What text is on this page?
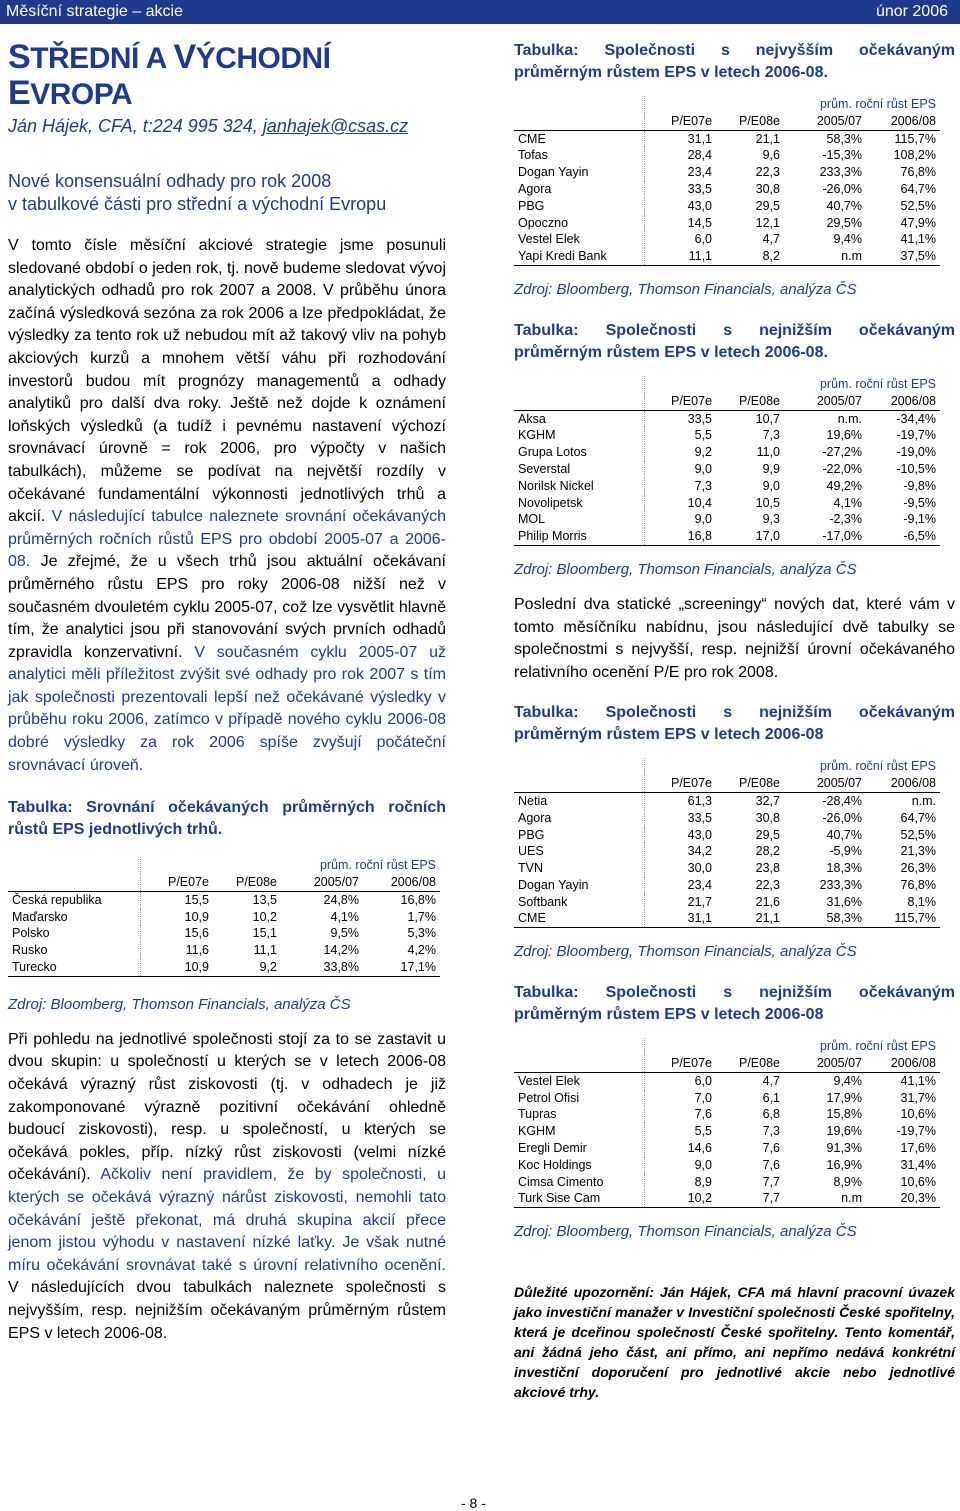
Měsíční strategie – akcie	únor 2006
STŘEDNÍ A VÝCHODNÍ EVROPA
Ján Hájek, CFA, t:224 995 324, janhajek@csas.cz
Nové konsensuální odhady pro rok 2008
v tabulkové části pro střední a východní Evropu

V tomto čísle měsíční akciové strategie jsme posunuli sledované období o jeden rok, tj. nově budeme sledovat vývoj analytických odhadů pro rok 2007 a 2008. V průběhu února začíná výsledková sezóna za rok 2006 a lze předpokládat, že výsledky za tento rok už nebudou mít až takový vliv na pohyb akciových kurzů a mnohem větší váhu při rozhodování investorů budou mít prognózy managementů a odhady analytiků pro další dva roky. Ještě než dojde k oznámení loňských výsledků (a tudíž i pevnému nastavení výchozí srovnávací úrovně = rok 2006, pro výpočty v našich tabulkách), můžeme se podívat na největší rozdíly v očekávané fundamentální výkonnosti jednotlivých trhů a akcií. V následující tabulce naleznete srovnání očekávaných průměrných ročních růstů EPS pro období 2005-07 a 2006-08. Je zřejmé, že u všech trhů jsou aktuální očekávaní průměrného růstu EPS pro roky 2006-08 nižší než v současném dvouletém cyklu 2005-07, což lze vysvětlit hlavně tím, že analytici jsou při stanovování svých prvních odhadů zpravidla konzervativní. V současném cyklu 2005-07 už analytici měli příležitost zvýšit své odhady pro rok 2007 s tím jak společnosti prezentovali lepší než očekávané výsledky v průběhu roku 2006, zatímco v případě nového cyklu 2006-08 dobré výsledky za rok 2006 spíše zvyšují počáteční srovnávací úroveň.

Tabulka: Srovnání očekávaných průměrných ročních růstů EPS jednotlivých trhů.
			prům. roční růst EPS	
	P/E07e	P/E08e	2005/07	2006/08
Česká republika	15,5	13,5	24,8%	16,8%
Maďarsko	10,9	10,2	4,1%	1,7%
Polsko	15,6	15,1	9,5%	5,3%
Rusko	11,6	11,1	14,2%	4,2%
Turecko	10,9	9,2	33,8%	17,1%
Zdroj: Bloomberg, Thomson Financials, analýza ČS

Při pohledu na jednotlivé společnosti stojí za to se zastavit u dvou skupin: u společností u kterých se v letech 2006-08 očekává výrazný růst ziskovosti (tj. v odhadech je již zakomponované výrazně pozitivní očekávání ohledně budoucí ziskovosti), resp. u společností, u kterých se očekává pokles, příp. nízký růst ziskovosti (velmi nízké očekávání). Ačkoliv není pravidlem, že by společnosti, u kterých se očekává výrazný nárůst ziskovosti, nemohli tato očekávání ještě překonat, má druhá skupina akcií přece jenom jistou výhodu v nastavení nízké laťky. Je však nutné míru očekávání srovnávat také s úrovní relativního ocenění. V následujících dvou tabulkách naleznete společnosti s nejvyšším, resp. nejnižším očekávaným průměrným růstem EPS v letech 2006-08.

Tabulka: Společnosti s nejvyšším očekávaným průměrným růstem EPS v letech 2006-08.
			prům. roční růst EPS	
	P/E07e	P/E08e	2005/07	2006/08
CME	31,1	21,1	58,3%	115,7%
Tofas	28,4	9,6	-15,3%	108,2%
Dogan Yayin	23,4	22,3	233,3%	76,8%
Agora	33,5	30,8	-26,0%	64,7%
PBG	43,0	29,5	40,7%	52,5%
Opoczno	14,5	12,1	29,5%	47,9%
Vestel Elek	6,0	4,7	9,4%	41,1%
Yapi Kredi Bank	11,1	8,2	n.m	37,5%
Zdroj: Bloomberg, Thomson Financials, analýza ČS
Tabulka: Společnosti s nejnižším očekávaným průměrným růstem EPS v letech 2006-08.
			prům. roční růst EPS	
	P/E07e	P/E08e	2005/07	2006/08
Aksa	33,5	10,7	n.m.	-34,4%
KGHM	5,5	7,3	19,6%	-19,7%
Grupa Lotos	9,2	11,0	-27,2%	-19,0%
Severstal	9,0	9,9	-22,0%	-10,5%
Norilsk Nickel	7,3	9,0	49,2%	-9,8%
Novolipetsk	10,4	10,5	4,1%	-9,5%
MOL	9,0	9,3	-2,3%	-9,1%
Philip Morris	16,8	17,0	-17,0%	-6,5%
Zdroj: Bloomberg, Thomson Financials, analýza ČS

Poslední dva statické „screeningy“ nových dat, které vám v tomto měsíčníku nabídnu, jsou následující dvě tabulky se společnostmi s nejvyšší, resp. nejnižší úrovní očekávaného relativního ocenění P/E pro rok 2008.

Tabulka: Společnosti s nejnižším očekávaným průměrným růstem EPS v letech 2006-08
			prům. roční růst EPS	
	P/E07e	P/E08e	2005/07	2006/08
Netia	61,3	32,7	-28,4%	n.m.
Agora	33,5	30,8	-26,0%	64,7%
PBG	43,0	29,5	40,7%	52,5%
UES	34,2	28,2	-5,9%	21,3%
TVN	30,0	23,8	18,3%	26,3%
Dogan Yayin	23,4	22,3	233,3%	76,8%
Softbank	21,7	21,6	31,6%	8,1%
CME	31,1	21,1	58,3%	115,7%
Zdroj: Bloomberg, Thomson Financials, analýza ČS
Tabulka: Společnosti s nejnižším očekávaným průměrným růstem EPS v letech 2006-08
			prům. roční růst EPS	
	P/E07e	P/E08e	2005/07	2006/08
Vestel Elek	6,0	4,7	9,4%	41,1%
Petrol Ofisi	7,0	6,1	17,9%	31,7%
Tupras	7,6	6,8	15,8%	10,6%
KGHM	5,5	7,3	19,6%	-19,7%
Eregli Demir	14,6	7,6	91,3%	17,6%
Koc Holdings	9,0	7,6	16,9%	31,4%
Cimsa Cimento	8,9	7,7	8,9%	10,6%
Turk Sise Cam	10,2	7,7	n.m	20,3%
Zdroj: Bloomberg, Thomson Financials, analýza ČS
Důležité upozornění: Ján Hájek, CFA má hlavní pracovní úvazek jako investiční manažer v Investiční společnosti České spořitelny, která je dceřinou společností České spořitelny. Tento komentář, ani žádná jeho část, ani přímo, ani nepřímo nedává konkrétní investiční doporučení pro jednotlivé akcie nebo jednotlivé akciové trhy.
- 8 -
